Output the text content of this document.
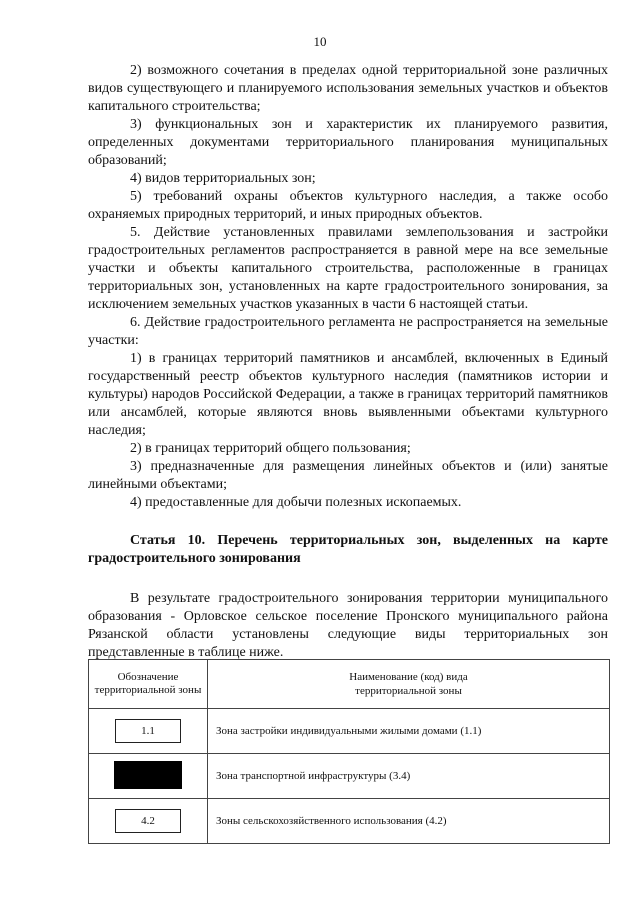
10

2) возможного сочетания в пределах одной территориальной зоне различных видов существующего и планируемого использования земельных участков и объектов капитального строительства;

3) функциональных зон и характеристик их планируемого развития, определенных документами территориального планирования муниципальных образований;

4) видов территориальных зон;

5) требований охраны объектов культурного наследия, а также особо охраняемых природных территорий, и иных природных объектов.

5. Действие установленных правилами землепользования и застройки градостроительных регламентов распространяется в равной мере на все земельные участки и объекты капитального строительства, расположенные в границах территориальных зон, установленных на карте градостроительного зонирования, за исключением земельных участков указанных в части 6 настоящей статьи.

6. Действие градостроительного регламента не распространяется на земельные участки:

1) в границах территорий памятников и ансамблей, включенных в Единый государственный реестр объектов культурного наследия (памятников истории и культуры) народов Российской Федерации, а также в границах территорий памятников или ансамблей, которые являются вновь выявленными объектами культурного наследия;

2) в границах территорий общего пользования;

3) предназначенные для размещения линейных объектов и (или) занятые линейными объектами;

4) предоставленные для добычи полезных ископаемых.

Статья 10. Перечень территориальных зон, выделенных на карте градостроительного зонирования

В результате градостроительного зонирования территории муниципального образования - Орловское сельское поселение Пронского муниципального района Рязанской области установлены следующие виды территориальных зон представленные в таблице ниже.

Обозначение территориальной зоны	Наименование (код) вида
территориальной зоны

1.1	Зона застройки индивидуальными жилыми домами (1.1)
	Зона транспортной инфраструктуры (3.4)
4.2	Зоны сельскохозяйственного использования (4.2)
